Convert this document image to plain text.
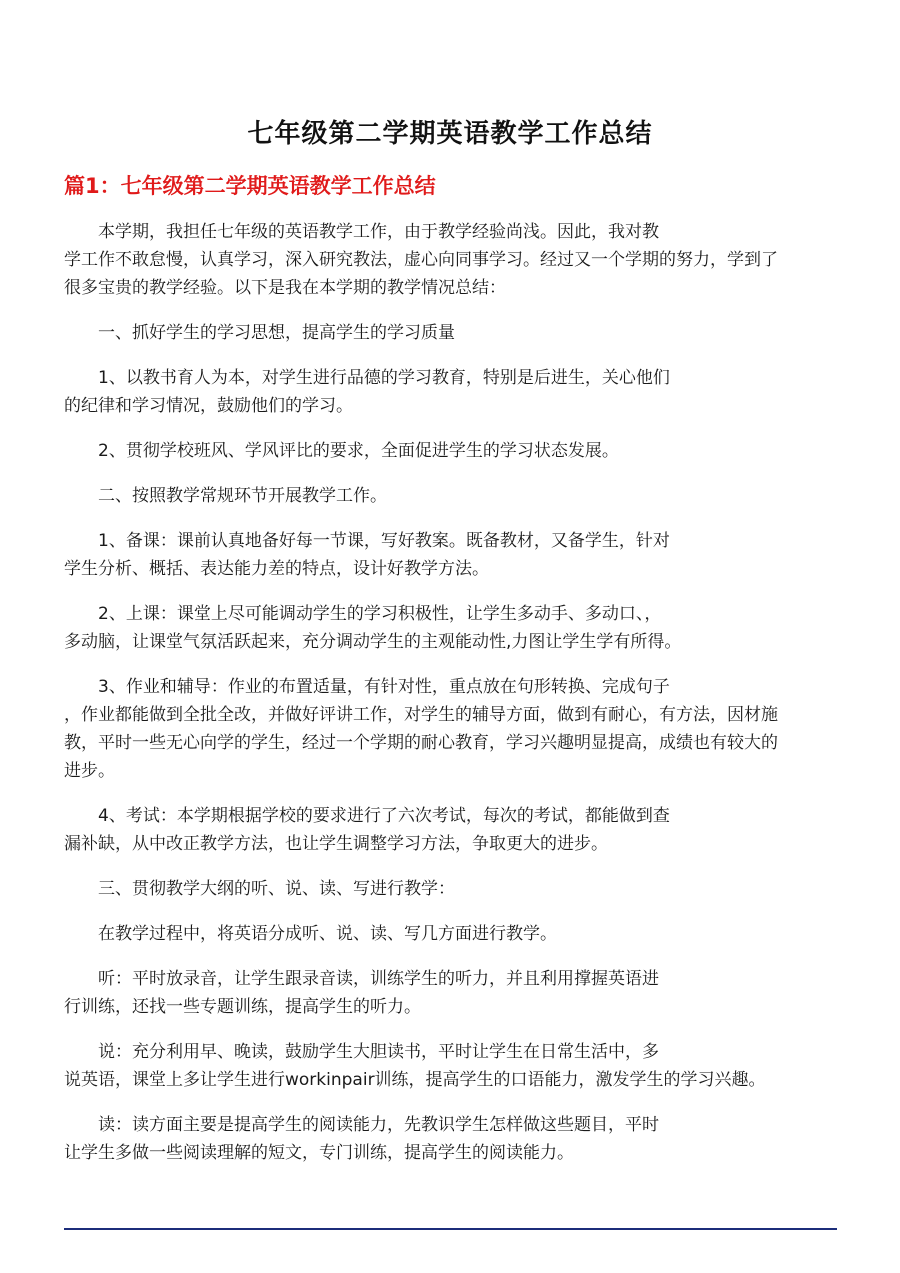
七年级第二学期英语教学工作总结
篇1：七年级第二学期英语教学工作总结
本学期，我担任七年级的英语教学工作，由于教学经验尚浅。因此，我对教
学工作不敢怠慢，认真学习，深入研究教法，虚心向同事学习。经过又一个学期的努力，学到了
很多宝贵的教学经验。以下是我在本学期的教学情况总结：
一、抓好学生的学习思想，提高学生的学习质量
1、以教书育人为本，对学生进行品德的学习教育，特别是后进生，关心他们
的纪律和学习情况，鼓励他们的学习。
2、贯彻学校班风、学风评比的要求，全面促进学生的学习状态发展。
二、按照教学常规环节开展教学工作。
1、备课：课前认真地备好每一节课，写好教案。既备教材，又备学生，针对
学生分析、概括、表达能力差的特点，设计好教学方法。
2、上课：课堂上尽可能调动学生的学习积极性，让学生多动手、多动口、，
多动脑，让课堂气氛活跃起来，充分调动学生的主观能动性,力图让学生学有所得。
3、作业和辅导：作业的布置适量，有针对性，重点放在句形转换、完成句子
，作业都能做到全批全改，并做好评讲工作，对学生的辅导方面，做到有耐心，有方法，因材施
教，平时一些无心向学的学生，经过一个学期的耐心教育，学习兴趣明显提高，成绩也有较大的
进步。
4、考试：本学期根据学校的要求进行了六次考试，每次的考试，都能做到查
漏补缺，从中改正教学方法，也让学生调整学习方法，争取更大的进步。
三、贯彻教学大纲的听、说、读、写进行教学：
在教学过程中，将英语分成听、说、读、写几方面进行教学。
听：平时放录音，让学生跟录音读，训练学生的听力，并且利用撑握英语进
行训练，还找一些专题训练，提高学生的听力。
说：充分利用早、晚读，鼓励学生大胆读书，平时让学生在日常生活中，多
说英语，课堂上多让学生进行workinpair训练，提高学生的口语能力，激发学生的学习兴趣。
读：读方面主要是提高学生的阅读能力，先教识学生怎样做这些题目，平时
让学生多做一些阅读理解的短文，专门训练，提高学生的阅读能力。
